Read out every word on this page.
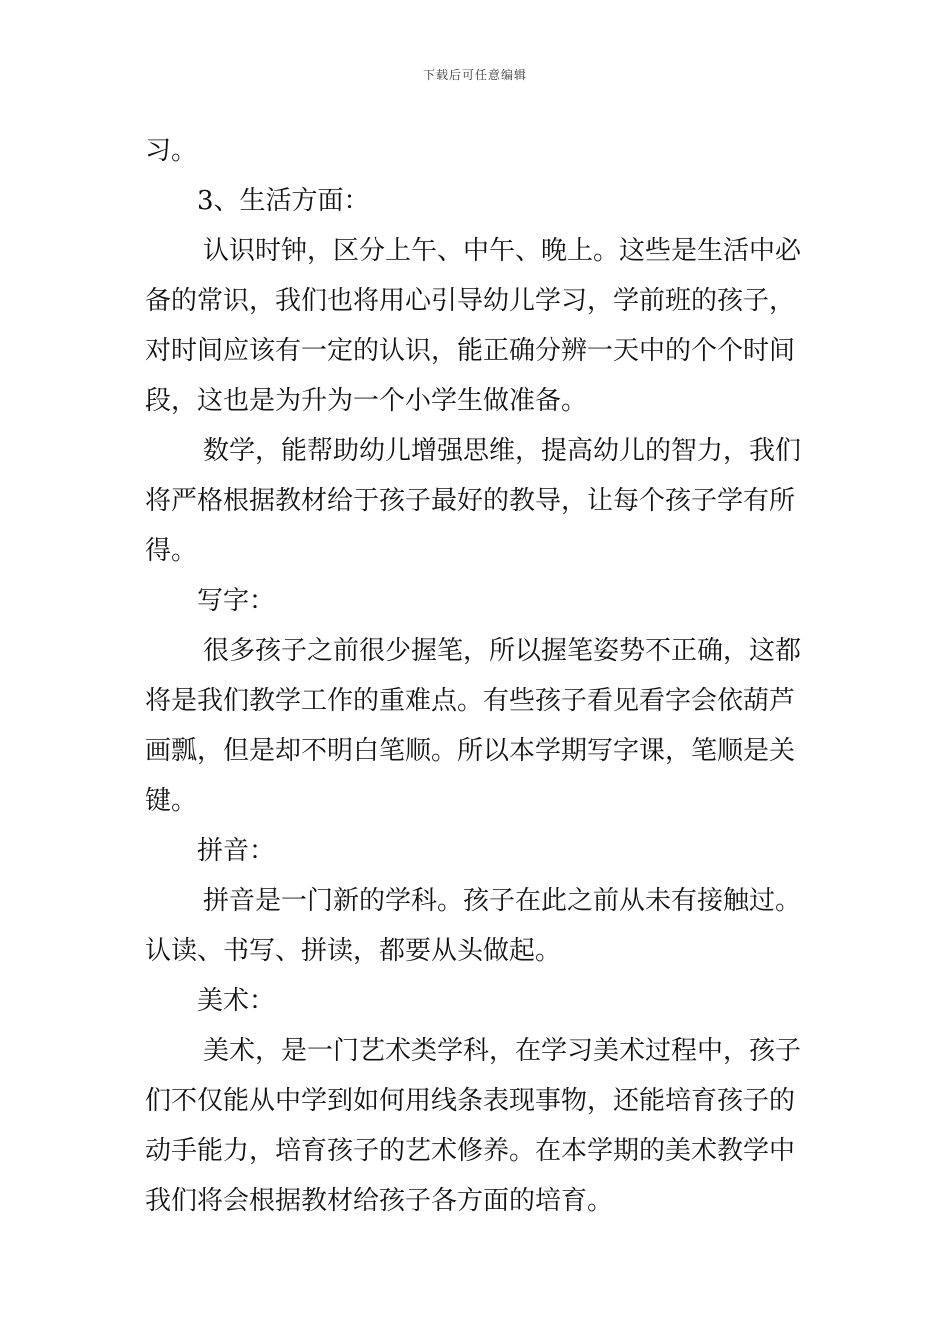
下载后可任意编辑
习。
3、生活方面：
认识时钟，区分上午、中午、晚上。这些是生活中必
备的常识，我们也将用心引导幼儿学习，学前班的孩子，
对时间应该有一定的认识，能正确分辨一天中的个个时间
段，这也是为升为一个小学生做准备。
数学，能帮助幼儿增强思维，提高幼儿的智力，我们
将严格根据教材给于孩子最好的教导，让每个孩子学有所
得。
写字：
很多孩子之前很少握笔，所以握笔姿势不正确，这都
将是我们教学工作的重难点。有些孩子看见看字会依葫芦
画瓢，但是却不明白笔顺。所以本学期写字课，笔顺是关
键。
拼音：
拼音是一门新的学科。孩子在此之前从未有接触过。
认读、书写、拼读，都要从头做起。
美术：
美术，是一门艺术类学科，在学习美术过程中，孩子
们不仅能从中学到如何用线条表现事物，还能培育孩子的
动手能力，培育孩子的艺术修养。在本学期的美术教学中
我们将会根据教材给孩子各方面的培育。
